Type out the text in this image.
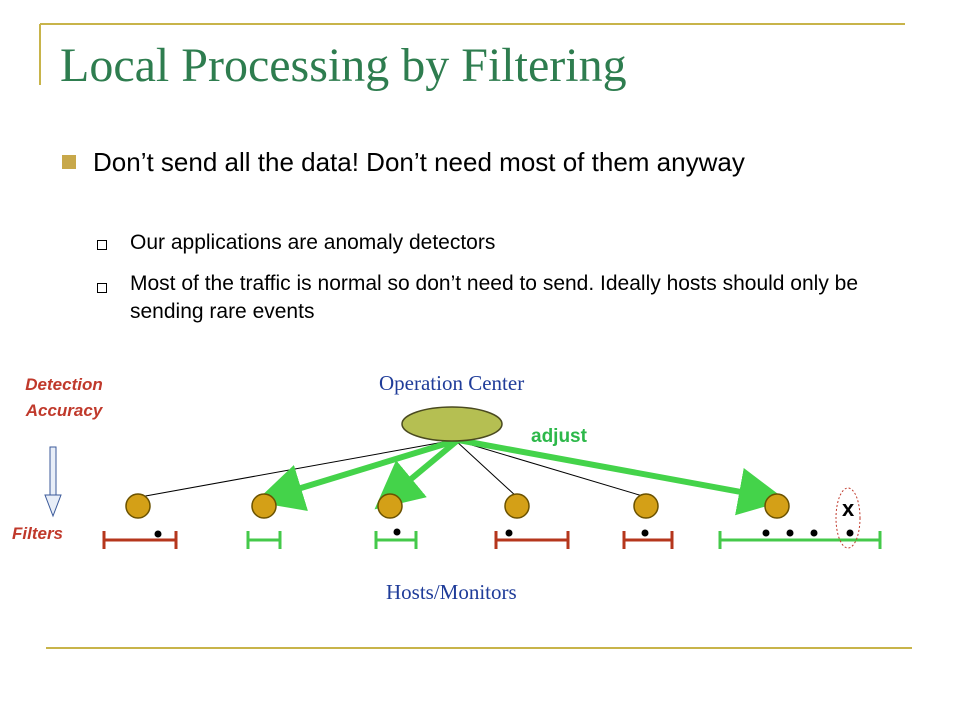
Local Processing by Filtering
Don’t send all the data! Don’t need most of them anyway
Our applications are anomaly detectors
Most of the traffic is normal so don’t need to send. Ideally hosts should only be sending rare events
Detection Accuracy
Filters
Operation Center
adjust
Hosts/Monitors
x
